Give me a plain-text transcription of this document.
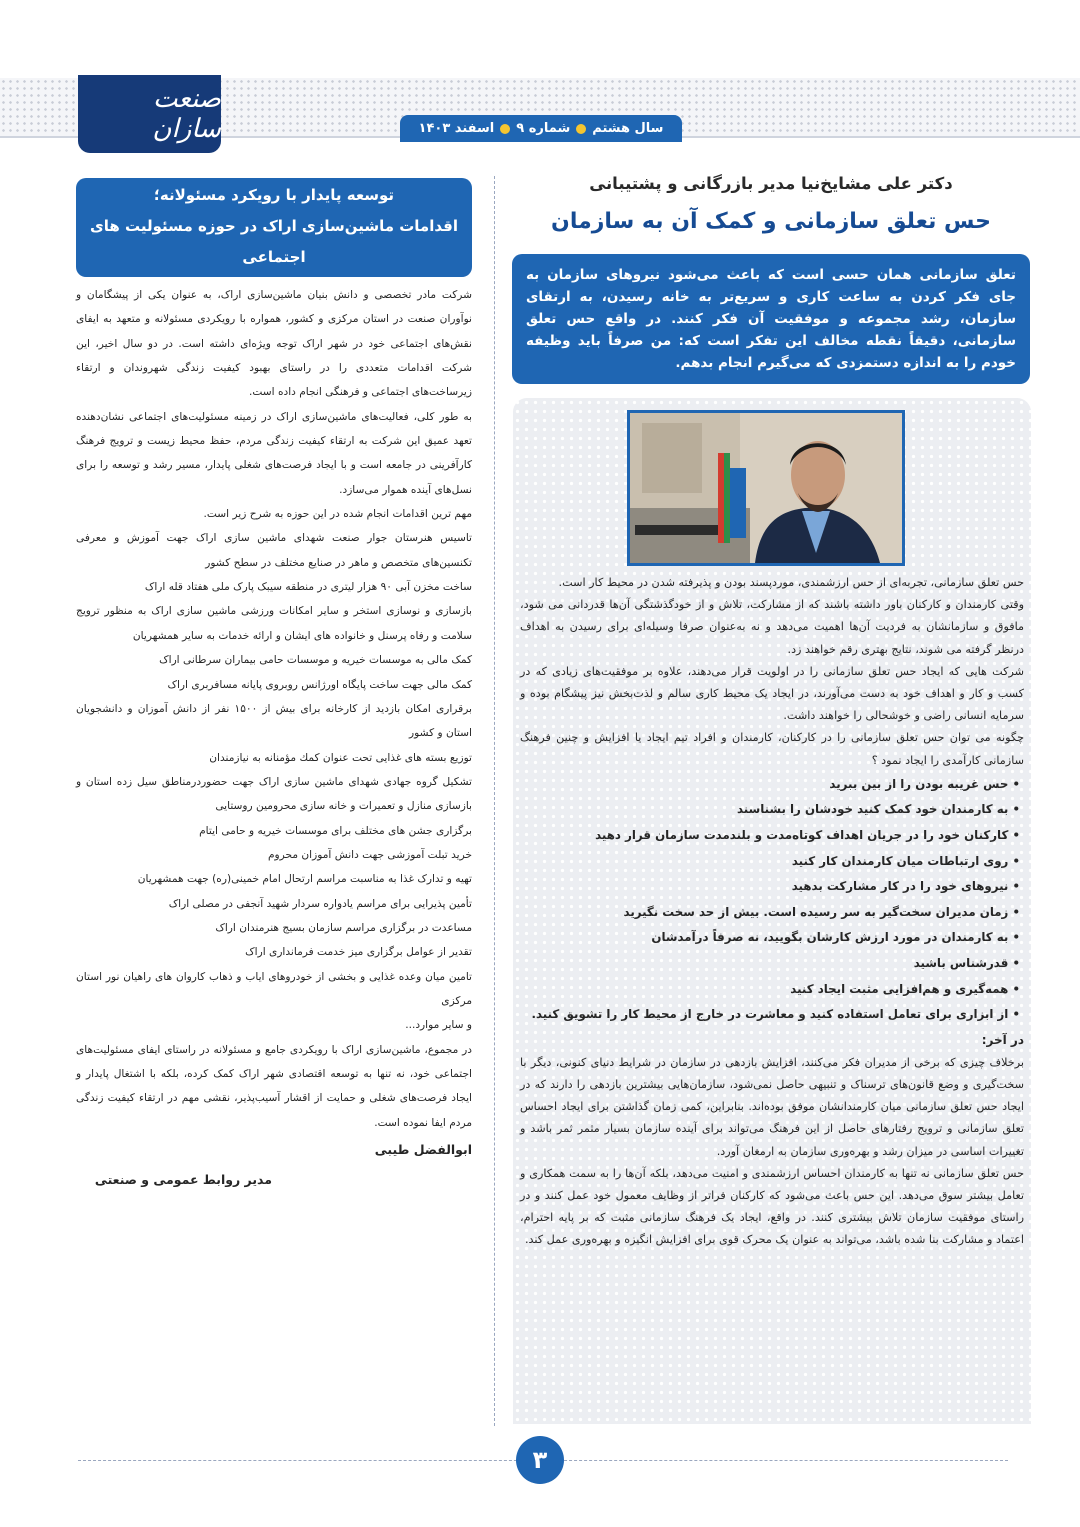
صنعت سازان	سال هشتم
شماره ۹
اسفند ۱۴۰۳
دکتر علی مشایخ‌نیا مدیر بازرگانی و پشتیبانی
حس تعلق سازمانی و کمک آن به سازمان
تعلق سازمانی همان حسی است که باعث می‌شود نیروهای سازمان به جای فکر کردن به ساعت کاری و سریع‌تر به خانه رسیدن، به ارتقای سازمان، رشد مجموعه و موفقیت آن فکر کنند. در واقع حس تعلق سازمانی، دقیقاً نقطه مخالف این تفکر است که: من صرفاً باید وظیفه خودم را به اندازه دستمزدی که می‌گیرم انجام بدهم.

حس تعلق سازمانی، تجربه‌ای از حس ارزشمندی، موردپسند بودن و پذیرفته شدن در محیط کار است.

وقتی کارمندان و کارکنان باور داشته باشند که از مشارکت، تلاش و از خودگذشتگی آن‌ها قدردانی می شود، مافوق و سازمانشان به فردیت آن‌ها اهمیت می‌دهد و نه به‌عنوان صرفا وسیله‌ای برای رسیدن به اهداف درنظر گرفته می شوند، نتایج بهتری رقم خواهند زد.

شرکت هایی که ایجاد حس تعلق سازمانی را در اولویت قرار می‌دهند، علاوه بر موفقیت‌های زیادی که در کسب و کار و اهداف خود به دست می‌آورند، در ایجاد یک محیط کاری سالم و لذت‌بخش نیز پیشگام بوده و سرمایه انسانی راضی و خوشحالی را خواهند داشت.

چگونه می توان حس تعلق سازمانی را در کارکنان، کارمندان و افراد تیم ایجاد یا افزایش و چنین فرهنگ سازمانی کارآمدی را ایجاد نمود ؟

• حس غریبه بودن را از بین ببرید

• به کارمندان خود کمک کنید خودشان را بشناسند

• کارکنان خود را در جریان اهداف کوتاه‌مدت و بلندمدت سازمان قرار دهید

• روی ارتباطات میان کارمندان کار کنید

• نیروهای خود را در کار مشارکت بدهید

• زمان مدیران سخت‌گیر به سر رسیده است. بیش از حد سخت نگیرید

• به کارمندان در مورد ارزش کارشان بگویید، نه صرفاً درآمدشان

• قدرشناس باشید

• همه‌گیری و هم‌افزایی مثبت ایجاد کنید

• از ابزاری برای تعامل استفاده کنید و معاشرت در خارج از محیط کار را تشویق کنید.

در آخر:

برخلاف چیزی که برخی از مدیران فکر می‌کنند، افزایش بازدهی در سازمان در شرایط دنیای کنونی، دیگر با سخت‌گیری و وضع قانون‌های ترسناک و تنبیهی حاصل نمی‌شود، سازمان‌هایی بیشترین بازدهی را دارند که در ایجاد حس تعلق سازمانی میان کارمندانشان موفق بوده‌اند. بنابراین، کمی زمان گذاشتن برای ایجاد احساس تعلق سازمانی و ترویج رفتارهای حاصل از این فرهنگ می‌تواند برای آینده سازمان بسیار مثمر ثمر باشد و تغییرات اساسی در میزان رشد و بهره‌وری سازمان به ارمغان آورد.

حس تعلق سازمانی نه تنها به کارمندان احساس ارزشمندی و امنیت می‌دهد، بلکه آن‌ها را به سمت همکاری و تعامل بیشتر سوق می‌دهد. این حس باعث می‌شود که کارکنان فراتر از وظایف معمول خود عمل کنند و در راستای موفقیت سازمان تلاش بیشتری کنند. در واقع، ایجاد یک فرهنگ سازمانی مثبت که بر پایه احترام، اعتماد و مشارکت بنا شده باشد، می‌تواند به عنوان یک محرک قوی برای افزایش انگیزه و بهره‌وری عمل کند.

توسعه پایدار با رویکرد مسئولانه؛
اقدامات ماشین‌سازی اراک در حوزه مسئولیت های اجتماعی

شرکت مادر تخصصی و دانش بنیان ماشین‌سازی اراک، به عنوان یکی از پیشگامان و نوآوران صنعت در استان مرکزی و کشور، همواره با رویکردی مسئولانه و متعهد به ایفای نقش‌های اجتماعی خود در شهر اراک توجه ویژه‌ای داشته است. در دو سال اخیر، این شرکت اقدامات متعددی را در راستای بهبود کیفیت زندگی شهروندان و ارتقاء زیرساخت‌های اجتماعی و فرهنگی انجام داده است.

به طور کلی، فعالیت‌های ماشین‌سازی اراک در زمینه مسئولیت‌های اجتماعی نشان‌دهنده تعهد عمیق این شرکت به ارتقاء کیفیت زندگی مردم، حفظ محیط زیست و ترویج فرهنگ کارآفرینی در جامعه است و با ایجاد فرصت‌های شغلی پایدار، مسیر رشد و توسعه را برای نسل‌های آینده هموار می‌سازد.

مهم ترین اقدامات انجام شده در این حوزه به شرح زیر است.

تاسیس هنرستان جوار صنعت شهدای ماشین سازی اراک جهت آموزش و معرفی تکنسین‌های متخصص و ماهر در صنایع مختلف در سطح کشور

ساخت مخزن آبی ۹۰ هزار لیتری در منطقه سیبک پارک ملی هفتاد قله اراک

بازسازی و نوسازی استخر و سایر امکانات ورزشی ماشین سازی اراک به منظور ترویج سلامت و رفاه پرسنل و خانواده های ایشان و ارائه خدمات به سایر همشهریان

کمک مالی به موسسات خیریه و موسسات حامی بیماران سرطانی اراک

کمک مالی جهت ساخت پایگاه اورژانس روبروی پایانه مسافربری اراک

برقراری امکان بازدید از کارخانه برای بیش از ۱۵۰۰ نفر از دانش آموزان و دانشجویان استان و کشور

توزیع بسته های غذایی تحت عنوان کمك مؤمنانه به نیازمندان

تشکیل گروه جهادی شهدای ماشین سازی اراک جهت حضوردرمناطق سیل زده استان و بازسازی منازل و تعمیرات و خانه سازی محرومین روستایی

برگزاری جشن های مختلف برای موسسات خیریه و حامی ایتام

خرید تبلت آموزشی جهت دانش آموزان محروم

تهیه و تدارک غذا به مناسبت مراسم ارتحال امام خمینی(ره) جهت همشهریان

تأمین پذیرایی برای مراسم یادواره سردار شهید آنجفی در مصلی اراک

مساعدت در برگزاری مراسم سازمان بسیج هنرمندان اراک

تقدیر از عوامل برگزاری میز خدمت فرمانداری اراک

تامین میان وعده غذایی و بخشی از خودروهای ایاب و ذهاب کاروان های راهیان نور استان مرکزی

و سایر موارد...

در مجموع، ماشین‌سازی اراک با رویکردی جامع و مسئولانه در راستای ایفای مسئولیت‌های اجتماعی خود، نه تنها به توسعه اقتصادی شهر اراک کمک کرده، بلکه با اشتغال پایدار و ایجاد فرصت‌های شغلی و حمایت از اقشار آسیب‌پذیر، نقشی مهم در ارتقاء کیفیت زندگی مردم ایفا نموده است.

ابوالفضل طیبی

مدیر روابط عمومی و صنعتی

۳
